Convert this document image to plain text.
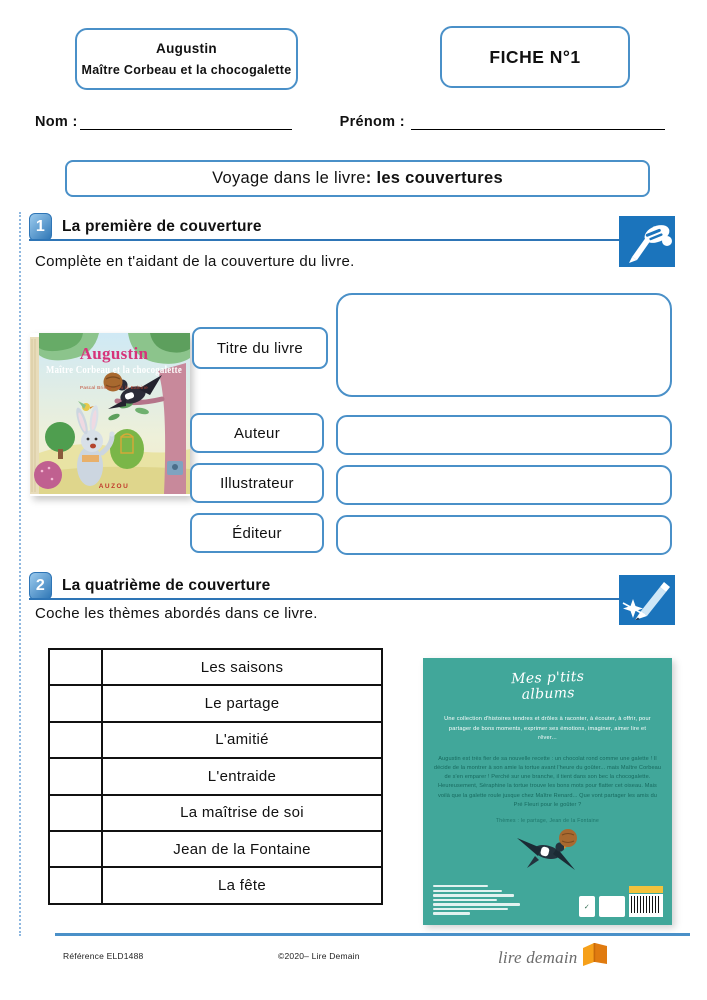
Augustin
Maître Corbeau et la chocogalette
FICHE N°1
Nom :	Prénom :
Voyage dans le livre : les couvertures
1	La première de couverture
Complète en t'aidant de la couverture du livre.
Augustin
Maître Corbeau et la chocogalette
Pascal Brissy - Lili la Baleine
AUZOU
Titre du livre
Auteur
Illustrateur
Éditeur
2	La quatrième de couverture
Coche les thèmes abordés dans ce livre.
	Les saisons
	Le partage
	L'amitié
	L'entraide
	La maîtrise de soi
	Jean de la Fontaine
	La fête
Mes p'tits albums
Une collection d'histoires tendres et drôles à raconter, à écouter, à offrir, pour partager de bons moments, exprimer ses émotions, imaginer, aimer lire et rêver...
Augustin est très fier de sa nouvelle recette : un chocolat rond comme une galette ! Il décide de la montrer à son amie la tortue avant l'heure du goûter... mais Maître Corbeau de s'en emparer ! Perché sur une branche, il tient dans son bec la chocogalette. Heureusement, Séraphine la tortue trouve les bons mots pour flatter cet oiseau. Mais voilà que la galette roule jusque chez Maître Renard... Que vont partager les amis du Pré Fleuri pour le goûter ?
Thèmes : le partage, Jean de la Fontaine
✓
Référence ELD1488	©2020– Lire Demain	lire demain
